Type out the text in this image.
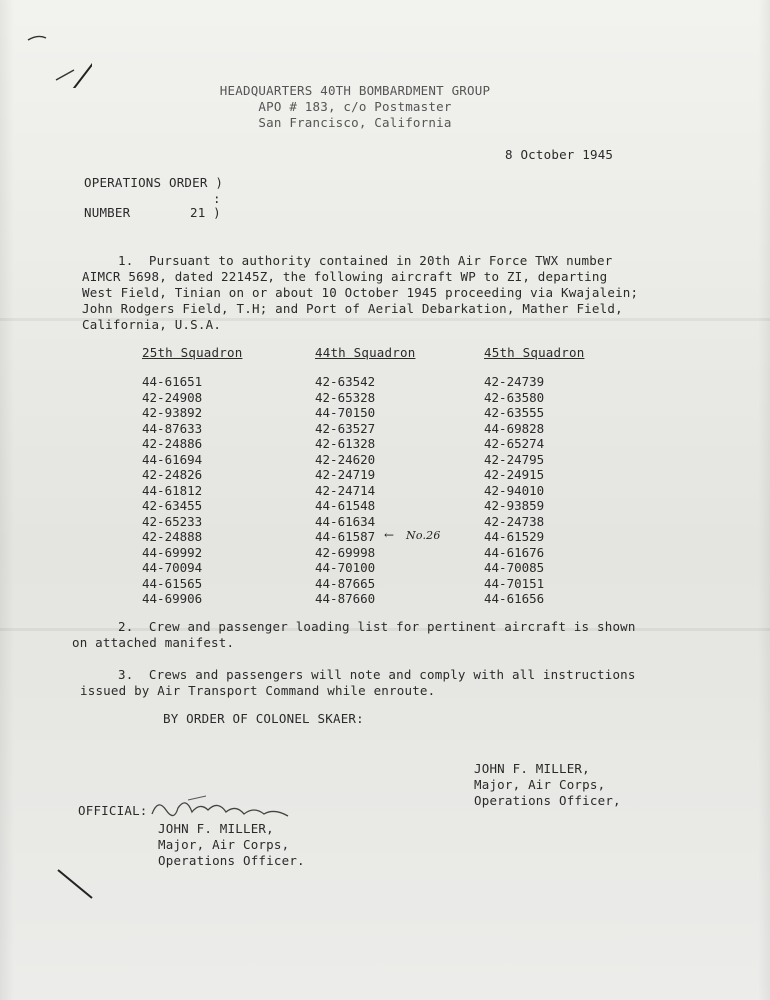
HEADQUARTERS 40TH BOMBARDMENT GROUP
APO # 183, c/o Postmaster
San Francisco, California
8 October 1945
OPERATIONS ORDER )
:
NUMBER	21 )
1.  Pursuant to authority contained in 20th Air Force TWX number
AIMCR 5698, dated 22145Z, the following aircraft WP to ZI, departing
West Field, Tinian on or about 10 October 1945 proceeding via Kwajalein;
John Rodgers Field, T.H; and Port of Aerial Debarkation, Mather Field,
California, U.S.A.
25th Squadron
44-61651
42-24908
42-93892
44-87633
42-24886
44-61694
42-24826
44-61812
42-63455
42-65233
42-24888
44-69992
44-70094
44-61565
44-69906
44th Squadron
42-63542
42-65328
44-70150
42-63527
42-61328
42-24620
42-24719
42-24714
44-61548
44-61634
44-61587
42-69998
44-70100
44-87665
44-87660
45th Squadron
42-24739
42-63580
42-63555
44-69828
42-65274
42-24795
42-24915
42-94010
42-93859
42-24738
44-61529
44-61676
44-70085
44-70151
44-61656
← No.26
2.  Crew and passenger loading list for pertinent aircraft is shown
on attached manifest.
3.  Crews and passengers will note and comply with all instructions
issued by Air Transport Command while enroute.
BY ORDER OF COLONEL SKAER:
JOHN F. MILLER,
Major, Air Corps,
Operations Officer,
OFFICIAL:
JOHN F. MILLER,
Major, Air Corps,
Operations Officer.
